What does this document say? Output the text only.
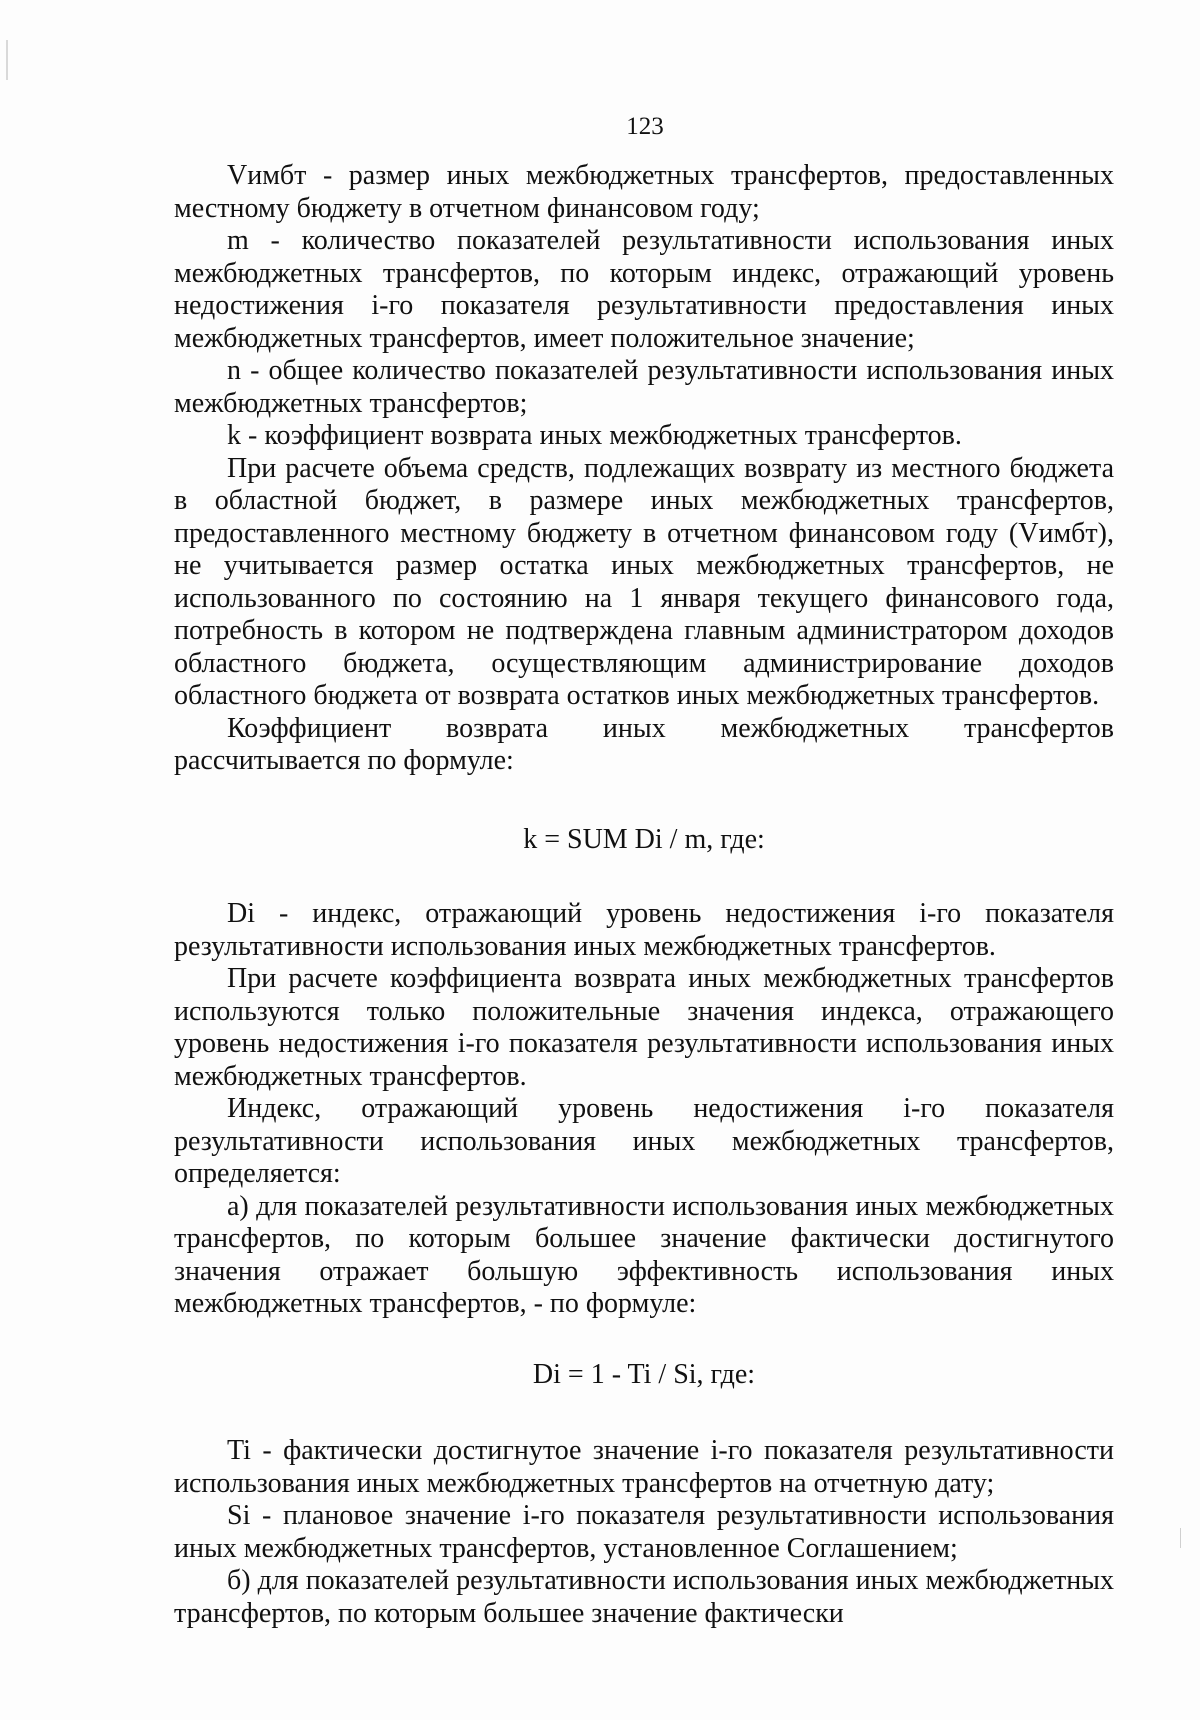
123

Vимбт - размер иных межбюджетных трансфертов, предоставленных местному бюджету в отчетном финансовом году;

m - количество показателей результативности использования иных межбюджетных трансфертов, по которым индекс, отражающий уровень недостижения i-го показателя результативности предоставления иных межбюджетных трансфертов, имеет положительное значение;

n - общее количество показателей результативности использования иных межбюджетных трансфертов;

k - коэффициент возврата иных межбюджетных трансфертов.

При расчете объема средств, подлежащих возврату из местного бюджета в областной бюджет, в размере иных межбюджетных трансфертов, предоставленного местному бюджету в отчетном финансовом году (Vимбт), не учитывается размер остатка иных межбюджетных трансфертов, не использованного по состоянию на 1 января текущего финансового года, потребность в котором не подтверждена главным администратором доходов областного бюджета, осуществляющим администрирование доходов областного бюджета от возврата остатков иных межбюджетных трансфертов.

Коэффициент возврата иных межбюджетных трансфертов рассчитывается по формуле:

k = SUM Di / m, где:

Di - индекс, отражающий уровень недостижения i-го показателя результативности использования иных межбюджетных трансфертов.

При расчете коэффициента возврата иных межбюджетных трансфертов используются только положительные значения индекса, отражающего уровень недостижения i-го показателя результативности использования иных межбюджетных трансфертов.

Индекс, отражающий уровень недостижения i-го показателя результативности использования иных межбюджетных трансфертов, определяется:

а) для показателей результативности использования иных межбюджетных трансфертов, по которым большее значение фактически достигнутого значения отражает большую эффективность использования иных межбюджетных трансфертов, - по формуле:

Di = 1 - Ti / Si, где:

Ti - фактически достигнутое значение i-го показателя результативности использования иных межбюджетных трансфертов на отчетную дату;

Si - плановое значение i-го показателя результативности использования иных межбюджетных трансфертов, установленное Соглашением;

б) для показателей результативности использования иных межбюджетных трансфертов, по которым большее значение фактически
